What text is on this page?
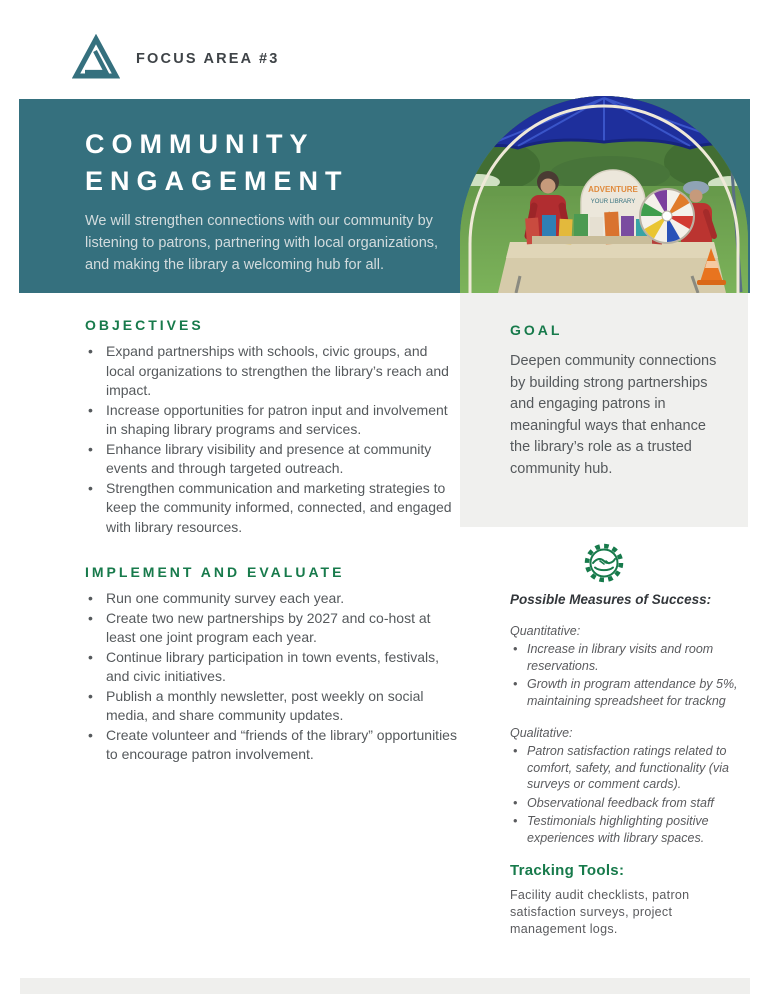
FOCUS AREA #3
COMMUNITY
ENGAGEMENT
We will strengthen connections with our community by listening to patrons, partnering with local organizations, and making the library a welcoming hub for all.
ADVENTURE
YOUR LIBRARY
GOAL
Deepen community connections by building strong partnerships and engaging patrons in meaningful ways that enhance the library’s role as a trusted community hub.
OBJECTIVES
• Expand partnerships with schools, civic groups, and local organizations to strengthen the library’s reach and impact.
• Increase opportunities for patron input and involvement in shaping library programs and services.
• Enhance library visibility and presence at community events and through targeted outreach.
• Strengthen communication and marketing strategies to keep the community informed, connected, and engaged with library resources.
IMPLEMENT AND EVALUATE
• Run one community survey each year.
• Create two new partnerships by 2027 and co-host at least one joint program each year.
• Continue library participation in town events, festivals, and civic initiatives.
• Publish a monthly newsletter, post weekly on social media, and share community updates.
• Create volunteer and “friends of the library” opportunities to encourage patron involvement.
Possible Measures of Success:
Quantitative:
• Increase in library visits and room reservations.
• Growth in program attendance by 5%, maintaining spreadsheet for trackng
Qualitative:
• Patron satisfaction ratings related to comfort, safety, and functionality (via surveys or comment cards).
• Observational feedback from staff
• Testimonials highlighting positive experiences with library spaces.
Tracking Tools:
Facility audit checklists, patron satisfaction surveys, project management logs.
